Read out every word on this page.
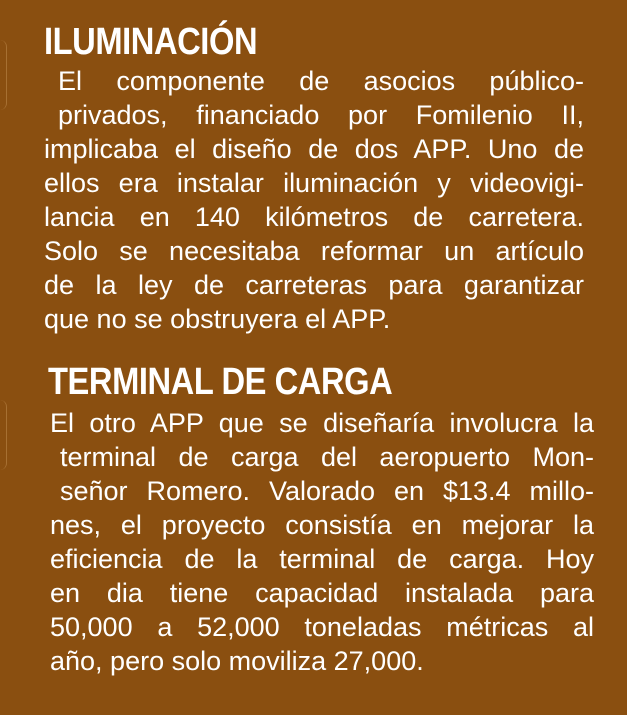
ILUMINACIÓN
El componente de asocios público-
privados, financiado por Fomilenio II,
implicaba el diseño de dos APP. Uno de
ellos era instalar iluminación y videovigi-
lancia en 140 kilómetros de carretera.
Solo se necesitaba reformar un artículo
de la ley de carreteras para garantizar
que no se obstruyera el APP.
TERMINAL DE CARGA
El otro APP que se diseñaría involucra la
terminal de carga del aeropuerto Mon-
señor Romero. Valorado en $13.4 millo-
nes, el proyecto consistía en mejorar la
eficiencia de la terminal de carga. Hoy
en dia tiene capacidad instalada para
50,000 a 52,000 toneladas métricas al
año, pero solo moviliza 27,000.
